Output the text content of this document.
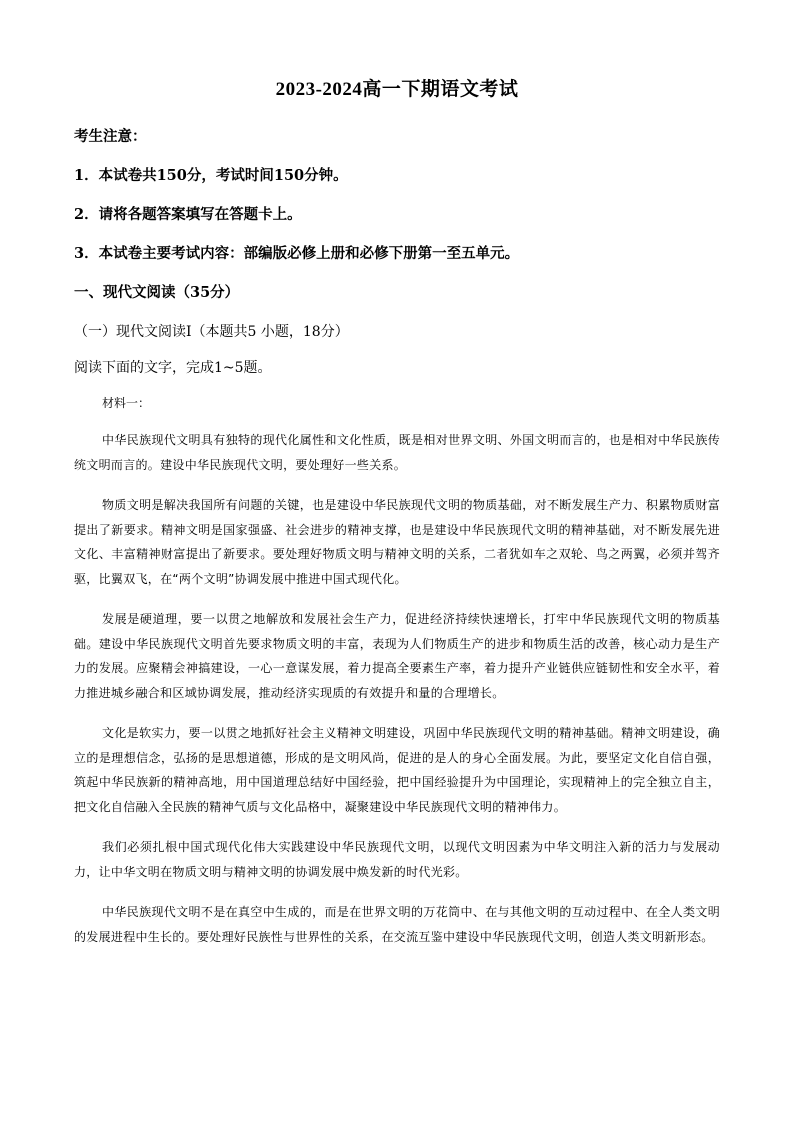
2023-2024高一下期语文考试
考生注意：
1．本试卷共150分，考试时间150分钟。
2．请将各题答案填写在答题卡上。
3．本试卷主要考试内容：部编版必修上册和必修下册第一至五单元。
一、现代文阅读（35分）
（一）现代文阅读Ⅰ（本题共5 小题，18分）
阅读下面的文字，完成1~5题。
材料一：

中华民族现代文明具有独特的现代化属性和文化性质，既是相对世界文明、外国文明而言的，也是相对中华民族传统文明而言的。建设中华民族现代文明，要处理好一些关系。

物质文明是解决我国所有问题的关键，也是建设中华民族现代文明的物质基础，对不断发展生产力、积累物质财富提出了新要求。精神文明是国家强盛、社会进步的精神支撑，也是建设中华民族现代文明的精神基础，对不断发展先进文化、丰富精神财富提出了新要求。要处理好物质文明与精神文明的关系，二者犹如车之双轮、鸟之两翼，必须并驾齐驱，比翼双飞，在“两个文明”协调发展中推进中国式现代化。

发展是硬道理，要一以贯之地解放和发展社会生产力，促进经济持续快速增长，打牢中华民族现代文明的物质基础。建设中华民族现代文明首先要求物质文明的丰富，表现为人们物质生产的进步和物质生活的改善，核心动力是生产力的发展。应聚精会神搞建设，一心一意谋发展，着力提高全要素生产率，着力提升产业链供应链韧性和安全水平，着力推进城乡融合和区域协调发展，推动经济实现质的有效提升和量的合理增长。

文化是软实力，要一以贯之地抓好社会主义精神文明建设，巩固中华民族现代文明的精神基础。精神文明建设，确立的是理想信念，弘扬的是思想道德，形成的是文明风尚，促进的是人的身心全面发展。为此，要坚定文化自信自强，筑起中华民族新的精神高地，用中国道理总结好中国经验，把中国经验提升为中国理论，实现精神上的完全独立自主，把文化自信融入全民族的精神气质与文化品格中，凝聚建设中华民族现代文明的精神伟力。

我们必须扎根中国式现代化伟大实践建设中华民族现代文明，以现代文明因素为中华文明注入新的活力与发展动力，让中华文明在物质文明与精神文明的协调发展中焕发新的时代光彩。

中华民族现代文明不是在真空中生成的，而是在世界文明的万花筒中、在与其他文明的互动过程中、在全人类文明的发展进程中生长的。要处理好民族性与世界性的关系，在交流互鉴中建设中华民族现代文明，创造人类文明新形态。
